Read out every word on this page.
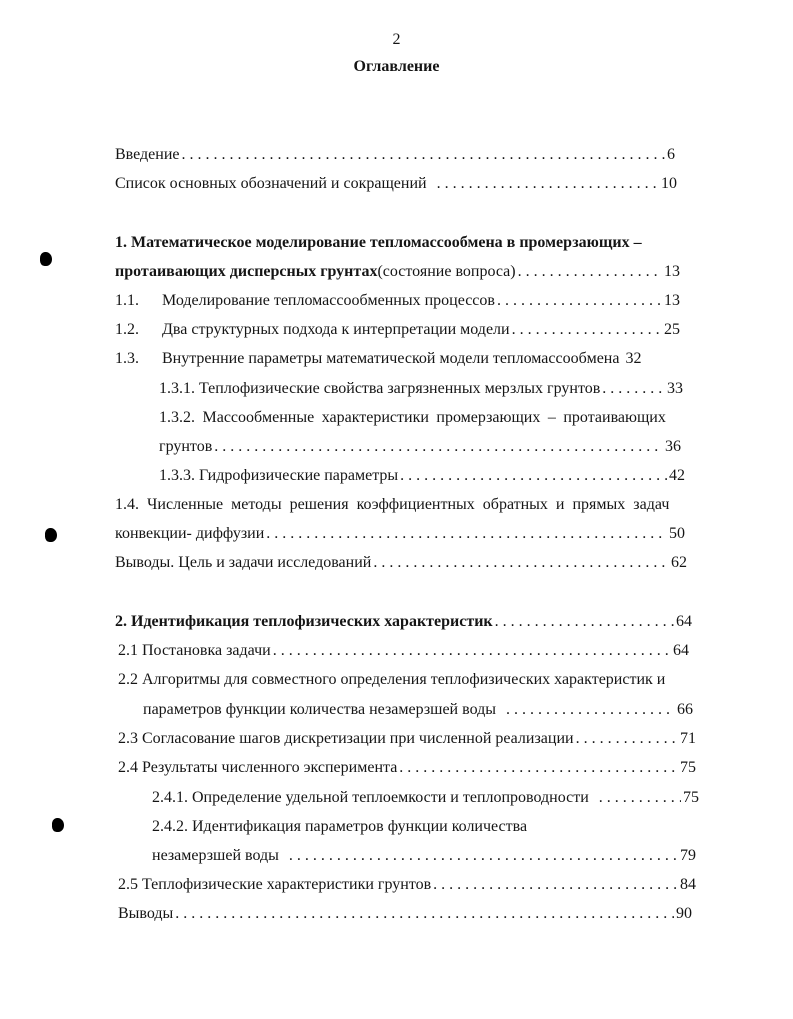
2
Оглавление
Введение . . .	6
Список основных обозначений и сокращений . . .	10
1. Математическое моделирование тепломассообмена в промерзающих –
протаивающих дисперсных грунтах (состояние вопроса) . . .	13
1.1.	Моделирование тепломассообменных процессов . . .	13
1.2.	Два структурных подхода к интерпретации модели . . .	25
1.3.	Внутренние параметры математической модели тепломассообмена 32
1.3.1. Теплофизические свойства загрязненных мерзлых грунтов . . .	33
1.3.2. Массообменные характеристики промерзающих – протаивающих
грунтов . . .	36
1.3.3. Гидрофизические параметры . . .	42
1.4. Численные методы решения коэффициентных обратных и прямых задач
конвекции- диффузии . . .	50
Выводы. Цель и задачи исследований . . .	62
2. Идентификация теплофизических характеристик . . .	64
2.1 Постановка задачи . . .	64
2.2 Алгоритмы для совместного определения теплофизических характеристик и
параметров функции количества незамерзшей воды . . .	66
2.3 Согласование шагов дискретизации при численной реализации . . .	71
2.4 Результаты численного эксперимента . . .	75
2.4.1. Определение удельной теплоемкости и теплопроводности . . .	75
2.4.2. Идентификация параметров функции количества
незамерзшей воды . . .	79
2.5 Теплофизические характеристики грунтов . . .	84
Выводы . . .	90
